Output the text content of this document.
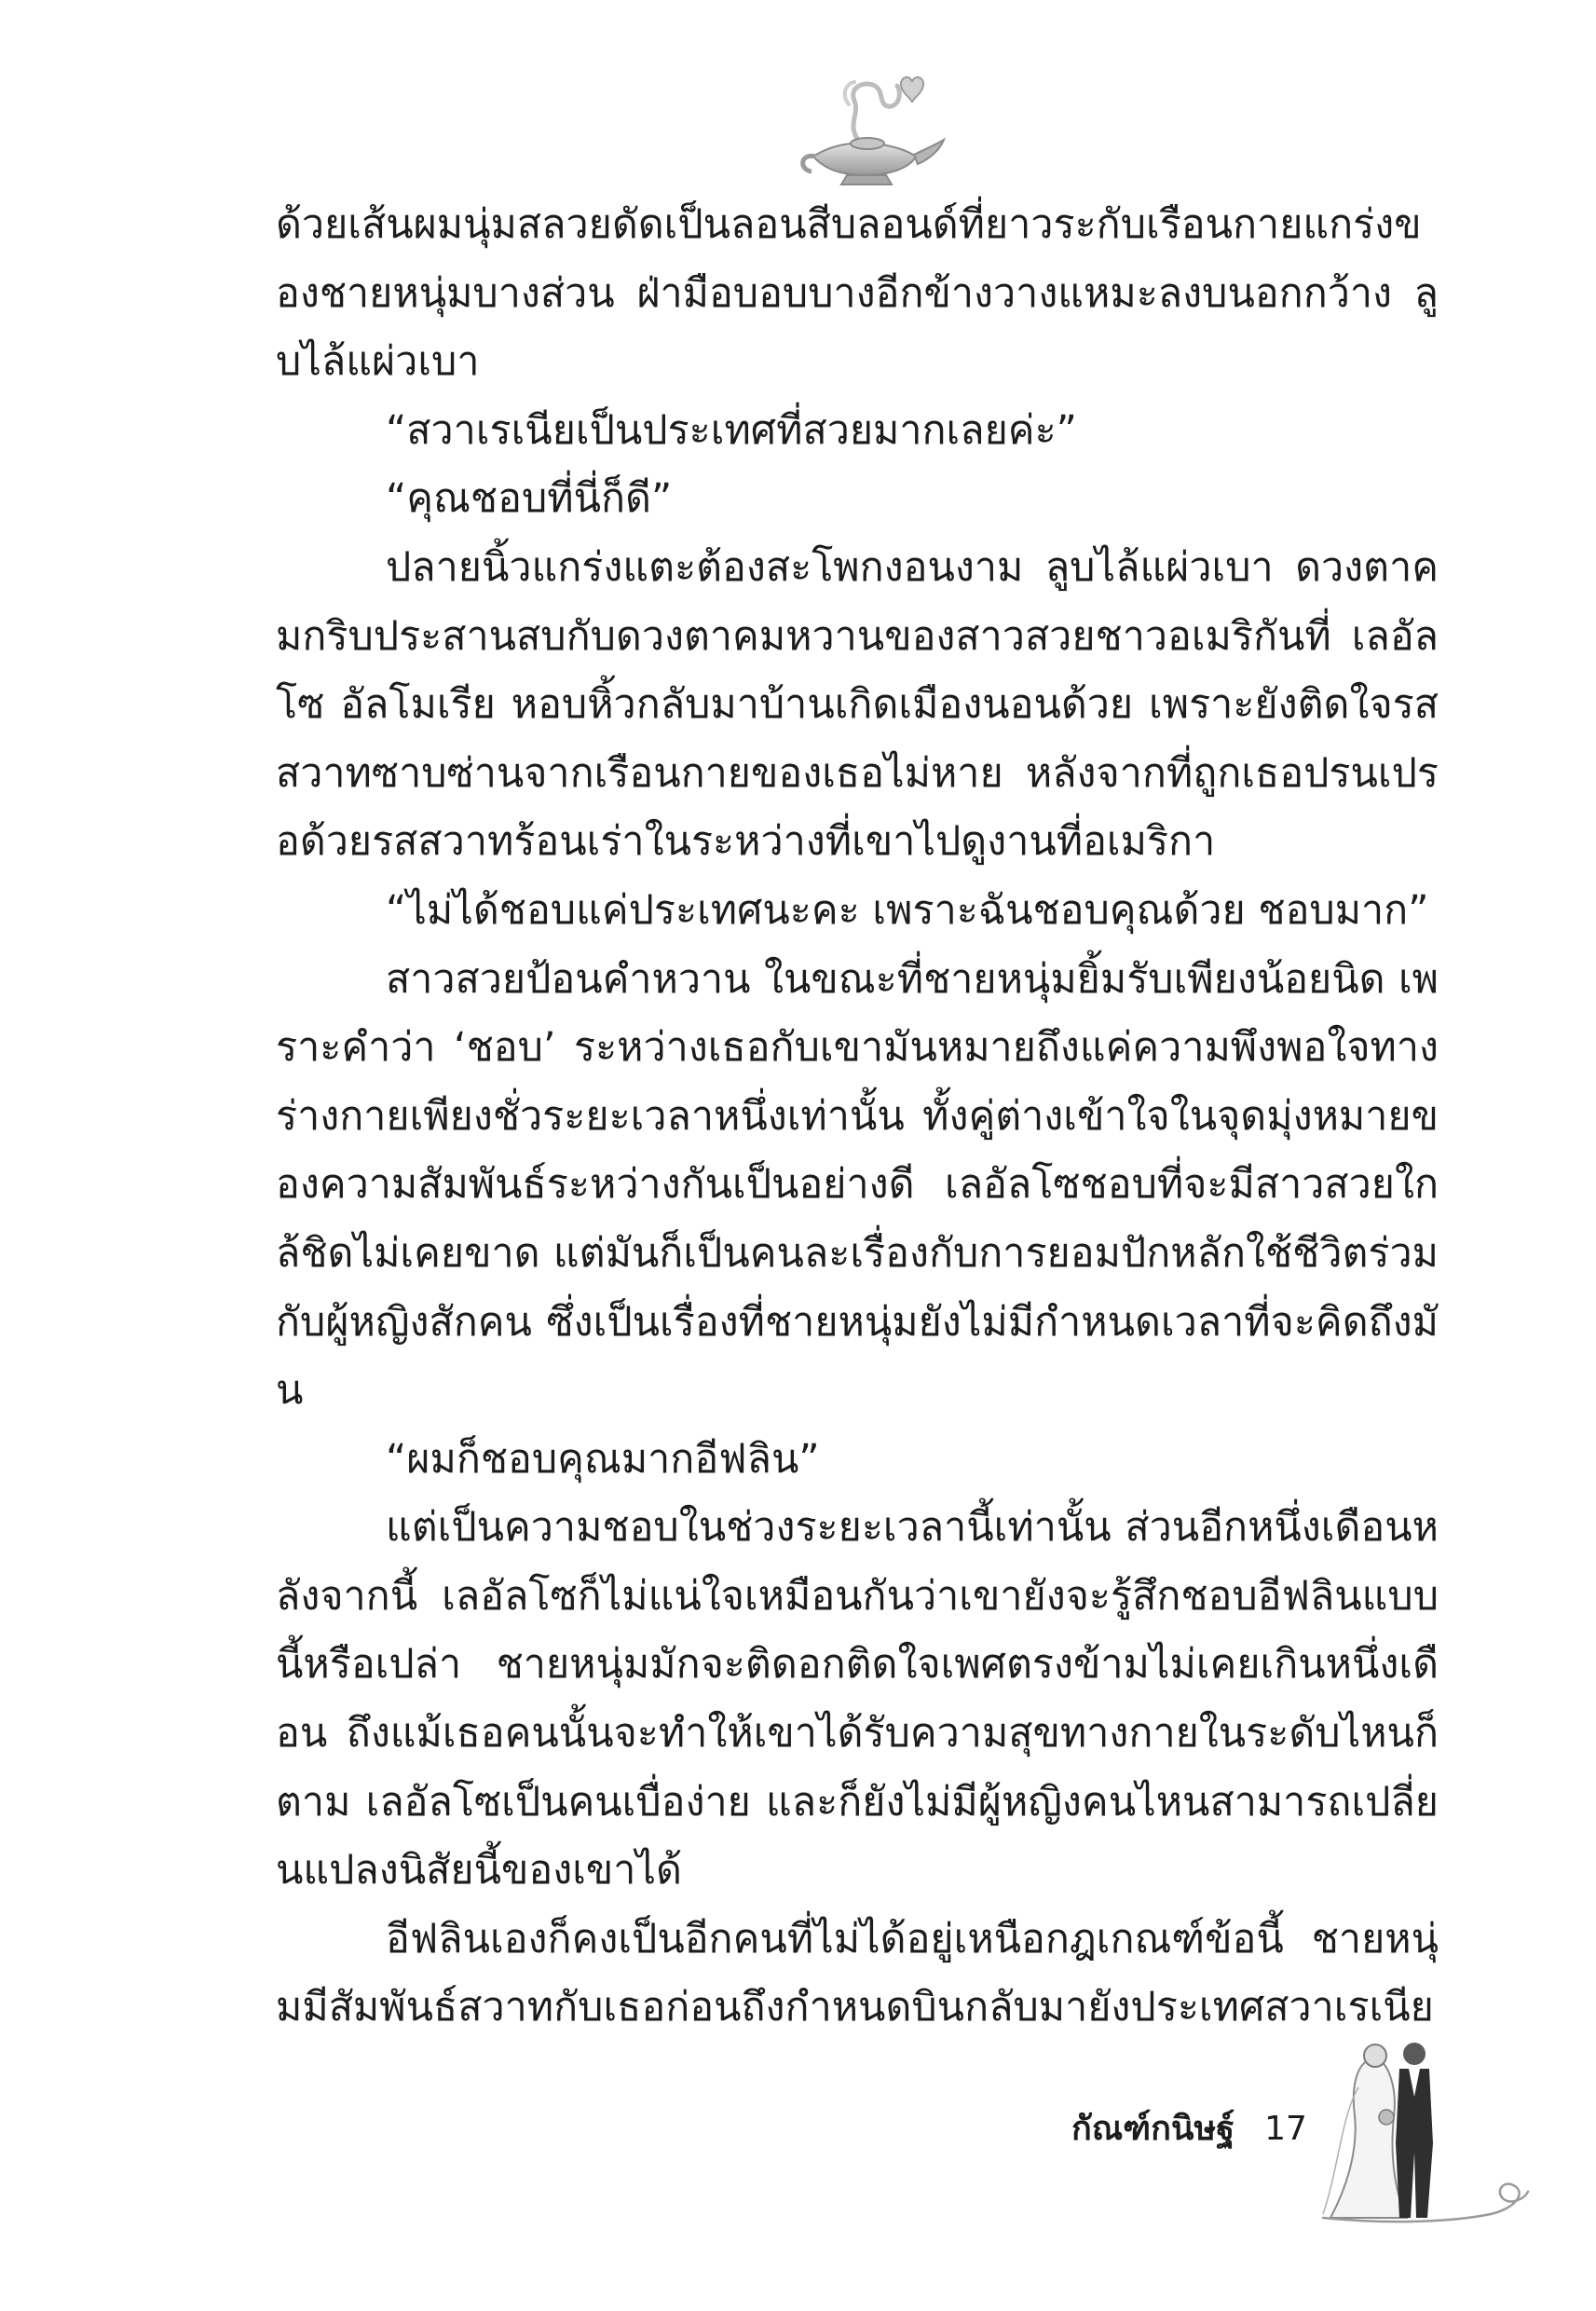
ด้วยเส้นผมนุ่มสลวยดัดเป็นลอนสีบลอนด์ที่ยาวระกับเรือนกายแกร่งของชายหนุ่มบางส่วน ฝ่ามือบอบบางอีกข้างวางแหมะลงบนอกกว้าง ลูบไล้แผ่วเบา

“สวาเรเนียเป็นประเทศที่สวยมากเลยค่ะ”

“คุณชอบที่นี่ก็ดี”

ปลายนิ้วแกร่งแตะต้องสะโพกงอนงาม ลูบไล้แผ่วเบา ดวงตาคมกริบประสานสบกับดวงตาคมหวานของสาวสวยชาวอเมริกันที่ เลอัลโซ อัลโมเรีย หอบหิ้วกลับมาบ้านเกิดเมืองนอนด้วย เพราะยังติดใจรสสวาทซาบซ่านจากเรือนกายของเธอไม่หาย หลังจากที่ถูกเธอปรนเปรอด้วยรสสวาทร้อนเร่าในระหว่างที่เขาไปดูงานที่อเมริกา

“ไม่ได้ชอบแค่ประเทศนะคะ เพราะฉันชอบคุณด้วย ชอบมาก”

สาวสวยป้อนคำหวาน ในขณะที่ชายหนุ่มยิ้มรับเพียงน้อยนิด เพราะคำว่า ‘ชอบ’ ระหว่างเธอกับเขามันหมายถึงแค่ความพึงพอใจทางร่างกายเพียงชั่วระยะเวลาหนึ่งเท่านั้น ทั้งคู่ต่างเข้าใจในจุดมุ่งหมายของความสัมพันธ์ระหว่างกันเป็นอย่างดี เลอัลโซชอบที่จะมีสาวสวยใกล้ชิดไม่เคยขาด แต่มันก็เป็นคนละเรื่องกับการยอมปักหลักใช้ชีวิตร่วมกับผู้หญิงสักคน ซึ่งเป็นเรื่องที่ชายหนุ่มยังไม่มีกำหนดเวลาที่จะคิดถึงมัน

“ผมก็ชอบคุณมากอีฟลิน”

แต่เป็นความชอบในช่วงระยะเวลานี้เท่านั้น ส่วนอีกหนึ่งเดือนหลังจากนี้ เลอัลโซก็ไม่แน่ใจเหมือนกันว่าเขายังจะรู้สึกชอบอีฟลินแบบนี้หรือเปล่า ชายหนุ่มมักจะติดอกติดใจเพศตรงข้ามไม่เคยเกินหนึ่งเดือน ถึงแม้เธอคนนั้นจะทำให้เขาได้รับความสุขทางกายในระดับไหนก็ตาม เลอัลโซเป็นคนเบื่อง่าย และก็ยังไม่มีผู้หญิงคนไหนสามารถเปลี่ยนแปลงนิสัยนี้ของเขาได้

อีฟลินเองก็คงเป็นอีกคนที่ไม่ได้อยู่เหนือกฎเกณฑ์ข้อนี้ ชายหนุ่มมีสัมพันธ์สวาทกับเธอก่อนถึงกำหนดบินกลับมายังประเทศสวาเรเนีย

กัณฑ์กนิษฐ์ 17
